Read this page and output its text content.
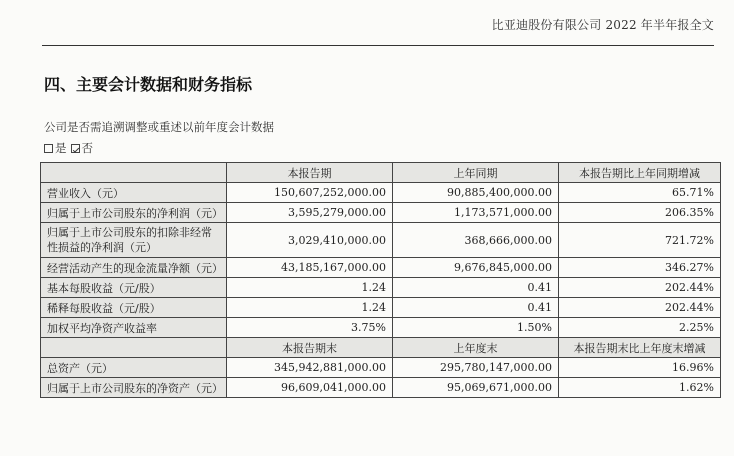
比亚迪股份有限公司 2022 年半年报全文
四、主要会计数据和财务指标
公司是否需追溯调整或重述以前年度会计数据
是 否
	本报告期	上年同期	本报告期比上年同期增减
营业收入（元）	150,607,252,000.00	90,885,400,000.00	65.71%
归属于上市公司股东的净利润（元）	3,595,279,000.00	1,173,571,000.00	206.35%
归属于上市公司股东的扣除非经常性损益的净利润（元）	3,029,410,000.00	368,666,000.00	721.72%
经营活动产生的现金流量净额（元）	43,185,167,000.00	9,676,845,000.00	346.27%
基本每股收益（元/股）	1.24	0.41	202.44%
稀释每股收益（元/股）	1.24	0.41	202.44%
加权平均净资产收益率	3.75%	1.50%	2.25%
	本报告期末	上年度末	本报告期末比上年度末增减
总资产（元）	345,942,881,000.00	295,780,147,000.00	16.96%
归属于上市公司股东的净资产（元）	96,609,041,000.00	95,069,671,000.00	1.62%
